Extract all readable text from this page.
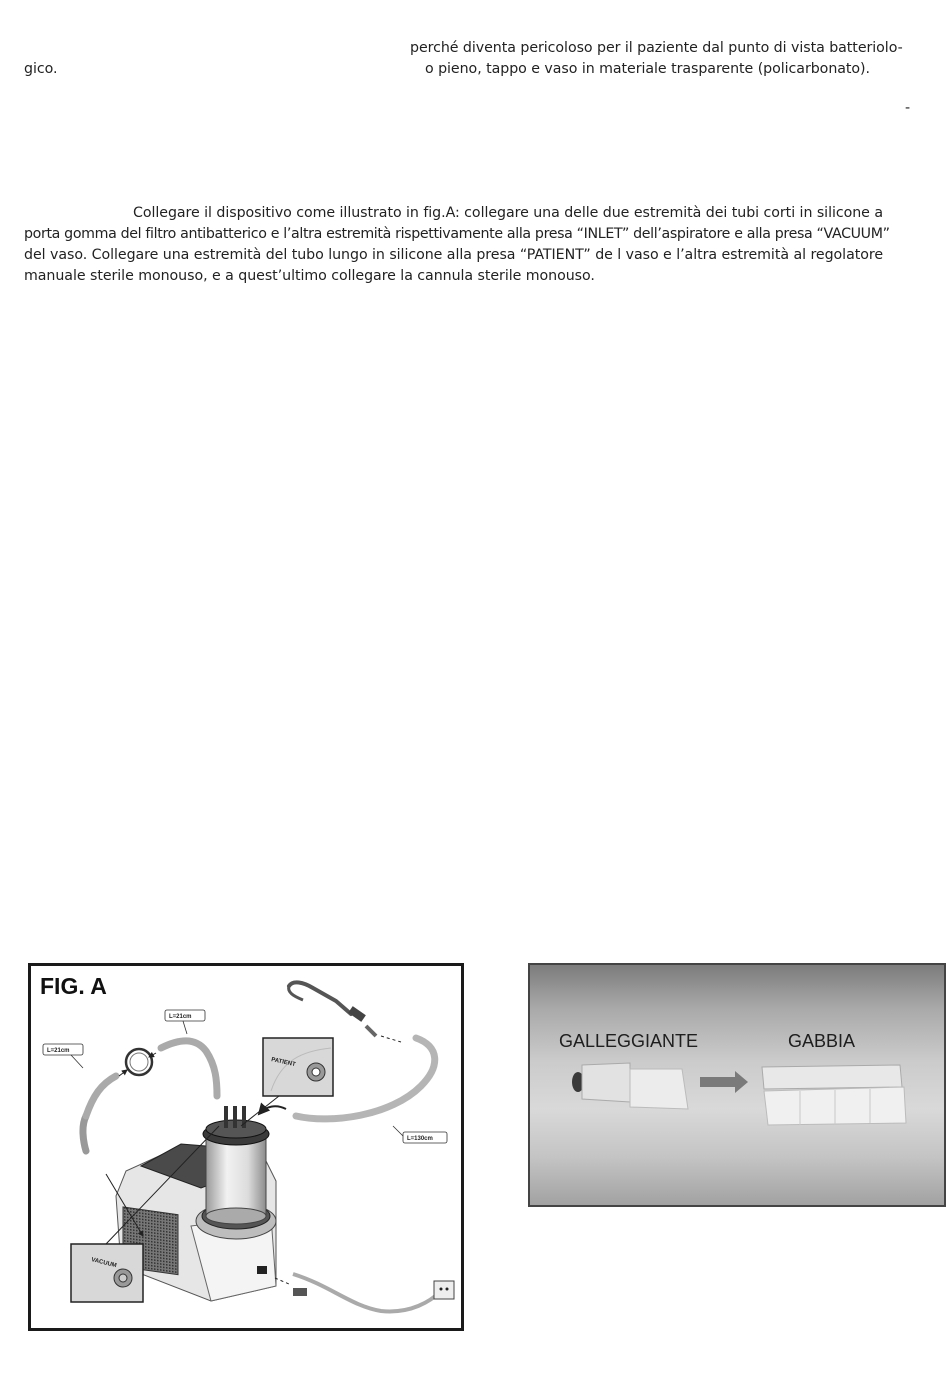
perché diventa pericoloso per il paziente dal punto di vista batteriolo-
gico.	o pieno, tappo e vaso in materiale trasparente (policarbonato).
-
Collegare il dispositivo come illustrato in fig.A: collegare una delle due estremità dei tubi corti in silicone a
porta gomma del filtro antibatterico e l’altra estremità rispettivamente alla presa “INLET” dell’aspiratore e alla presa “VACUUM”
del vaso. Collegare una estremità del tubo lungo in silicone alla presa “PATIENT” de l vaso e l’altra estremità al regolatore
manuale sterile monouso, e a quest’ultimo collegare la cannula sterile monouso.
FIG. A
PATIENT
VACUUM
L=21cm
L=21cm
L=130cm
GALLEGGIANTE	GABBIA
